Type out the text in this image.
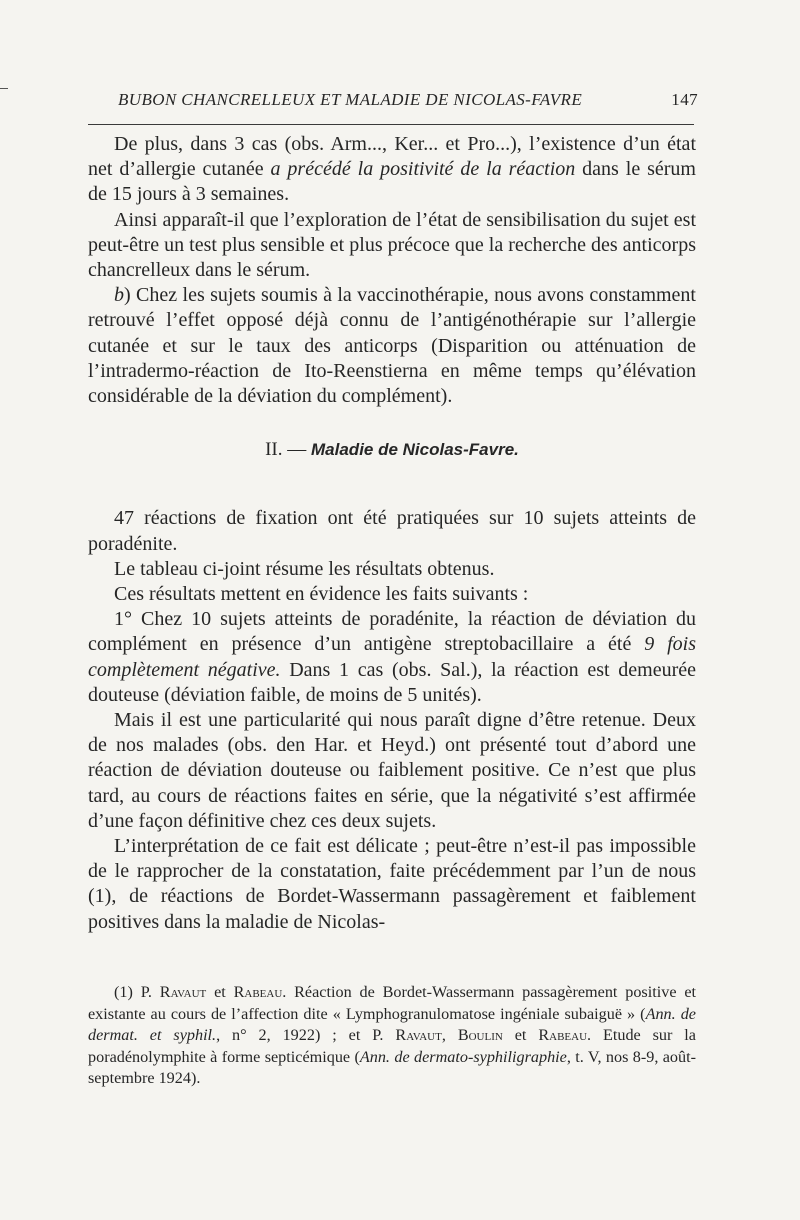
BUBON CHANCRELLEUX ET MALADIE DE NICOLAS-FAVRE	147

De plus, dans 3 cas (obs. Arm..., Ker... et Pro...), l’existence d’un état net d’allergie cutanée a précédé la positivité de la réaction dans le sérum de 15 jours à 3 semaines.

Ainsi apparaît-il que l’exploration de l’état de sensibilisation du sujet est peut-être un test plus sensible et plus précoce que la recherche des anticorps chancrelleux dans le sérum.

b) Chez les sujets soumis à la vaccinothérapie, nous avons constamment retrouvé l’effet opposé déjà connu de l’antigénothérapie sur l’allergie cutanée et sur le taux des anticorps (Disparition ou atténuation de l’intradermo-réaction de Ito-Reenstierna en même temps qu’élévation considérable de la déviation du complément).

II. — Maladie de Nicolas-Favre.

47 réactions de fixation ont été pratiquées sur 10 sujets atteints de poradénite.

Le tableau ci-joint résume les résultats obtenus.

Ces résultats mettent en évidence les faits suivants :

1° Chez 10 sujets atteints de poradénite, la réaction de déviation du complément en présence d’un antigène streptobacillaire a été 9 fois complètement négative. Dans 1 cas (obs. Sal.), la réaction est demeurée douteuse (déviation faible, de moins de 5 unités).

Mais il est une particularité qui nous paraît digne d’être retenue. Deux de nos malades (obs. den Har. et Heyd.) ont présenté tout d’abord une réaction de déviation douteuse ou faiblement positive. Ce n’est que plus tard, au cours de réactions faites en série, que la négativité s’est affirmée d’une façon définitive chez ces deux sujets.

L’interprétation de ce fait est délicate ; peut-être n’est-il pas impossible de le rapprocher de la constatation, faite précédemment par l’un de nous (1), de réactions de Bordet-Wassermann passagèrement et faiblement positives dans la maladie de Nicolas-

(1) P. Ravaut et Rabeau. Réaction de Bordet-Wassermann passagèrement positive et existante au cours de l’affection dite « Lymphogranulomatose ingéniale subaiguë » (Ann. de dermat. et syphil., n° 2, 1922) ; et P. Ravaut, Boulin et Rabeau. Etude sur la poradénolymphite à forme septicémique (Ann. de dermato-syphiligraphie, t. V, nos 8-9, août-septembre 1924).
